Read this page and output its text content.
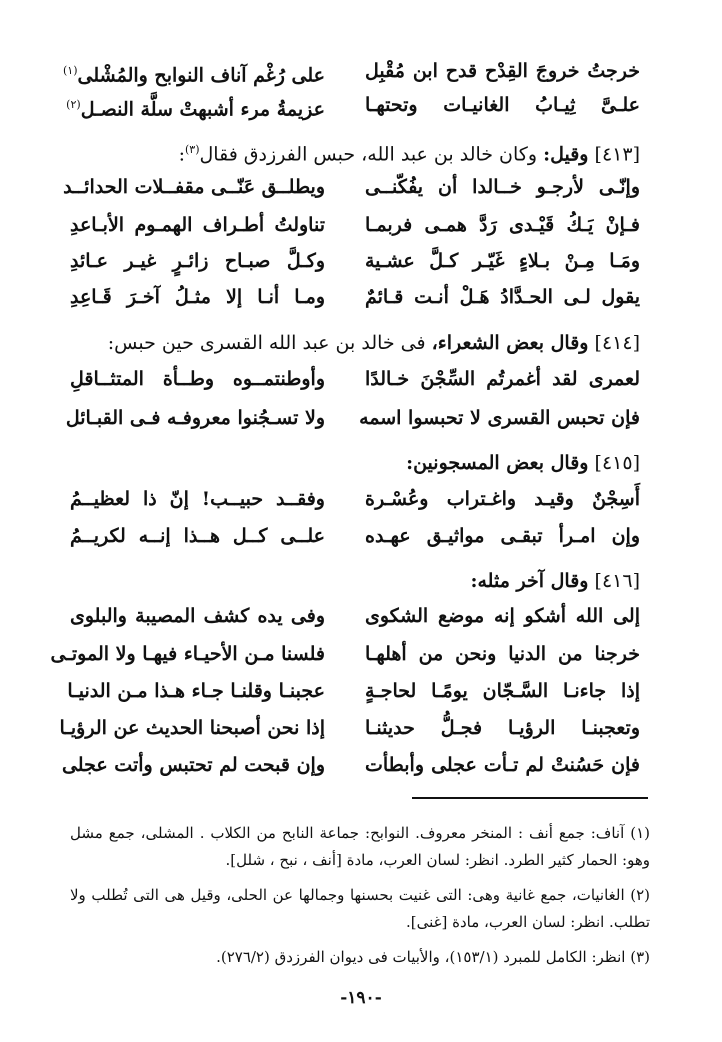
خرجتُ خروجَ القِدْح قدح ابن مُقْبِل
على رُغْم آناف النوابح والمُشْلى$^{(١)}$
علـىَّ ثِيـابُ الغانيـات وتحتهـا
عزيمةُ مرء أشبهتْ سلَّة النصـل$^{(٢)}$
[٤١٣] وقيل: وكان خالد بن عبد الله، حبس الفرزدق فقال$^{(٣)}$:
وإنّـى لأرجـو خــالدا أن يفُكّنــى
ويطلــق عَنّــى مقفــلات الحدائــد
فـإنْ يَـكُ قَيْـدى رَدَّ همـى فربمـا
تناولتُ أطـراف الهمـوم الأبـاعدِ
ومَـا مِـنْ بـلاءٍ غَيّـر كـلَّ عشـية
وكـلَّ صبـاح زائـرٍ غيـر عـائدِ
يقول لـى الحـدَّادُ هَـلْ أنـت قـائمٌ
ومـا أنـا إلا مثـلُ آخـرَ قَـاعِدِ
[٤١٤] وقال بعض الشعراء، فى خالد بن عبد الله القسرى حين حبس:
لعمرى لقد أغمرتُم السِّجْنَ خـالدًا
وأوطنتمــوه وطــأة المتثــاقلِ
فإن تحبس القسرى لا تحبسوا اسمه
ولا تسـجُنوا معروفـه فـى القبـائل
[٤١٥] وقال بعض المسجونين:
أَسِجْنٌ وقيـد واغـتراب وعُسْـرة
وفقــد حبيــب! إنّ ذا لعظيــمُ
وإن امـرأ تبقـى مواثيـق عهـده
علــى كــل هــذا إنــه لكريــمُ
[٤١٦] وقال آخر مثله:
إلى الله أشكو إنه موضع الشكوى
وفى يده كشف المصيبة والبلوى
خرجنا من الدنيا ونحن من أهلهـا
فلسنا مـن الأحيـاء فيهـا ولا الموتـى
إذا جاءنـا السَّـجّان يومًـا لحاجـةٍ
عجبنـا وقلنـا جـاء هـذا مـن الدنيـا
وتعجبنـا الرؤيـا فجـلُّ حديثنـا
إذا نحن أصبحنا الحديث عن الرؤيـا
فإن حَسُنتْ لم تـأت عجلى وأبطأت
وإن قبحت لم تحتبس وأتت عجلى
(١) آناف: جمع أنف : المنخر معروف. النوابح: جماعة النابح من الكلاب . المشلى، جمع مشل وهو: الحمار كثير الطرد. انظر: لسان العرب، مادة [أنف ، نبح ، شلل].
(٢) الغانيات، جمع غانية وهى: التى غنيت بحسنها وجمالها عن الحلى، وقيل هى التى تُطلب ولا تطلب. انظر: لسان العرب، مادة [غنى].
(٣) انظر: الكامل للمبرد (١٥٣/١)، والأبيات فى ديوان الفرزدق (٢٧٦/٢).
-١٩٠-
